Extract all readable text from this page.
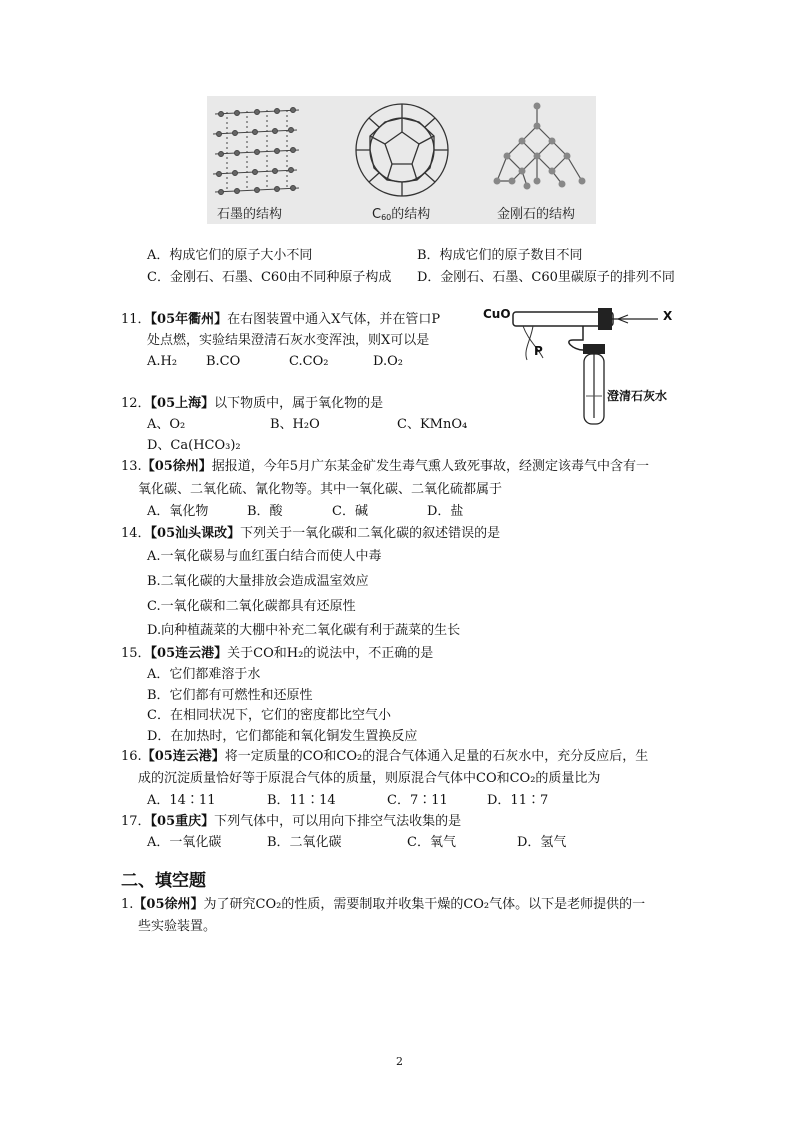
石墨的结构	$C_{60}$的结构	金刚石的结构
A．构成它们的原子大小不同	B．构成它们的原子数目不同
C．金刚石、石墨、C60由不同种原子构成 D．金刚石、石墨、C60里碳原子的排列不同
11．【05年衢州】在右图装置中通入X气体，并在管口P
处点燃，实验结果澄清石灰水变浑浊，则X可以是
A.H₂ B.CO	C.CO₂	D.O₂
CuO	X
P
澄清石灰水
12．【05上海】以下物质中，属于氧化物的是
A、O₂	B、H₂O	C、KMnO₄
D、Ca(HCO₃)₂
13.【05徐州】据报道，今年5月广东某金矿发生毒气熏人致死事故，经测定该毒气中含有一
氧化碳、二氧化硫、氰化物等。其中一氧化碳、二氧化硫都属于
A．氧化物	B．酸	C．碱	D．盐
14．【05汕头课改】下列关于一氧化碳和二氧化碳的叙述错误的是
A.一氧化碳易与血红蛋白结合而使人中毒
B.二氧化碳的大量排放会造成温室效应
C.一氧化碳和二氧化碳都具有还原性
D.向种植蔬菜的大棚中补充二氧化碳有利于蔬菜的生长
15．【05连云港】关于CO和H₂的说法中，不正确的是
A．它们都难溶于水
B．它们都有可燃性和还原性
C．在相同状况下，它们的密度都比空气小
D．在加热时，它们都能和氧化铜发生置换反应
16.【05连云港】将一定质量的CO和CO₂的混合气体通入足量的石灰水中，充分反应后，生
成的沉淀质量恰好等于原混合气体的质量，则原混合气体中CO和CO₂的质量比为
A．14∶11	B．11∶14	C．7∶11	D．11∶7
17．【05重庆】下列气体中，可以用向下排空气法收集的是
A．一氧化碳	B．二氧化碳	C．氧气	D．氢气
二、填空题
1.【05徐州】为了研究CO₂的性质，需要制取并收集干燥的CO₂气体。以下是老师提供的一
些实验装置。
2
